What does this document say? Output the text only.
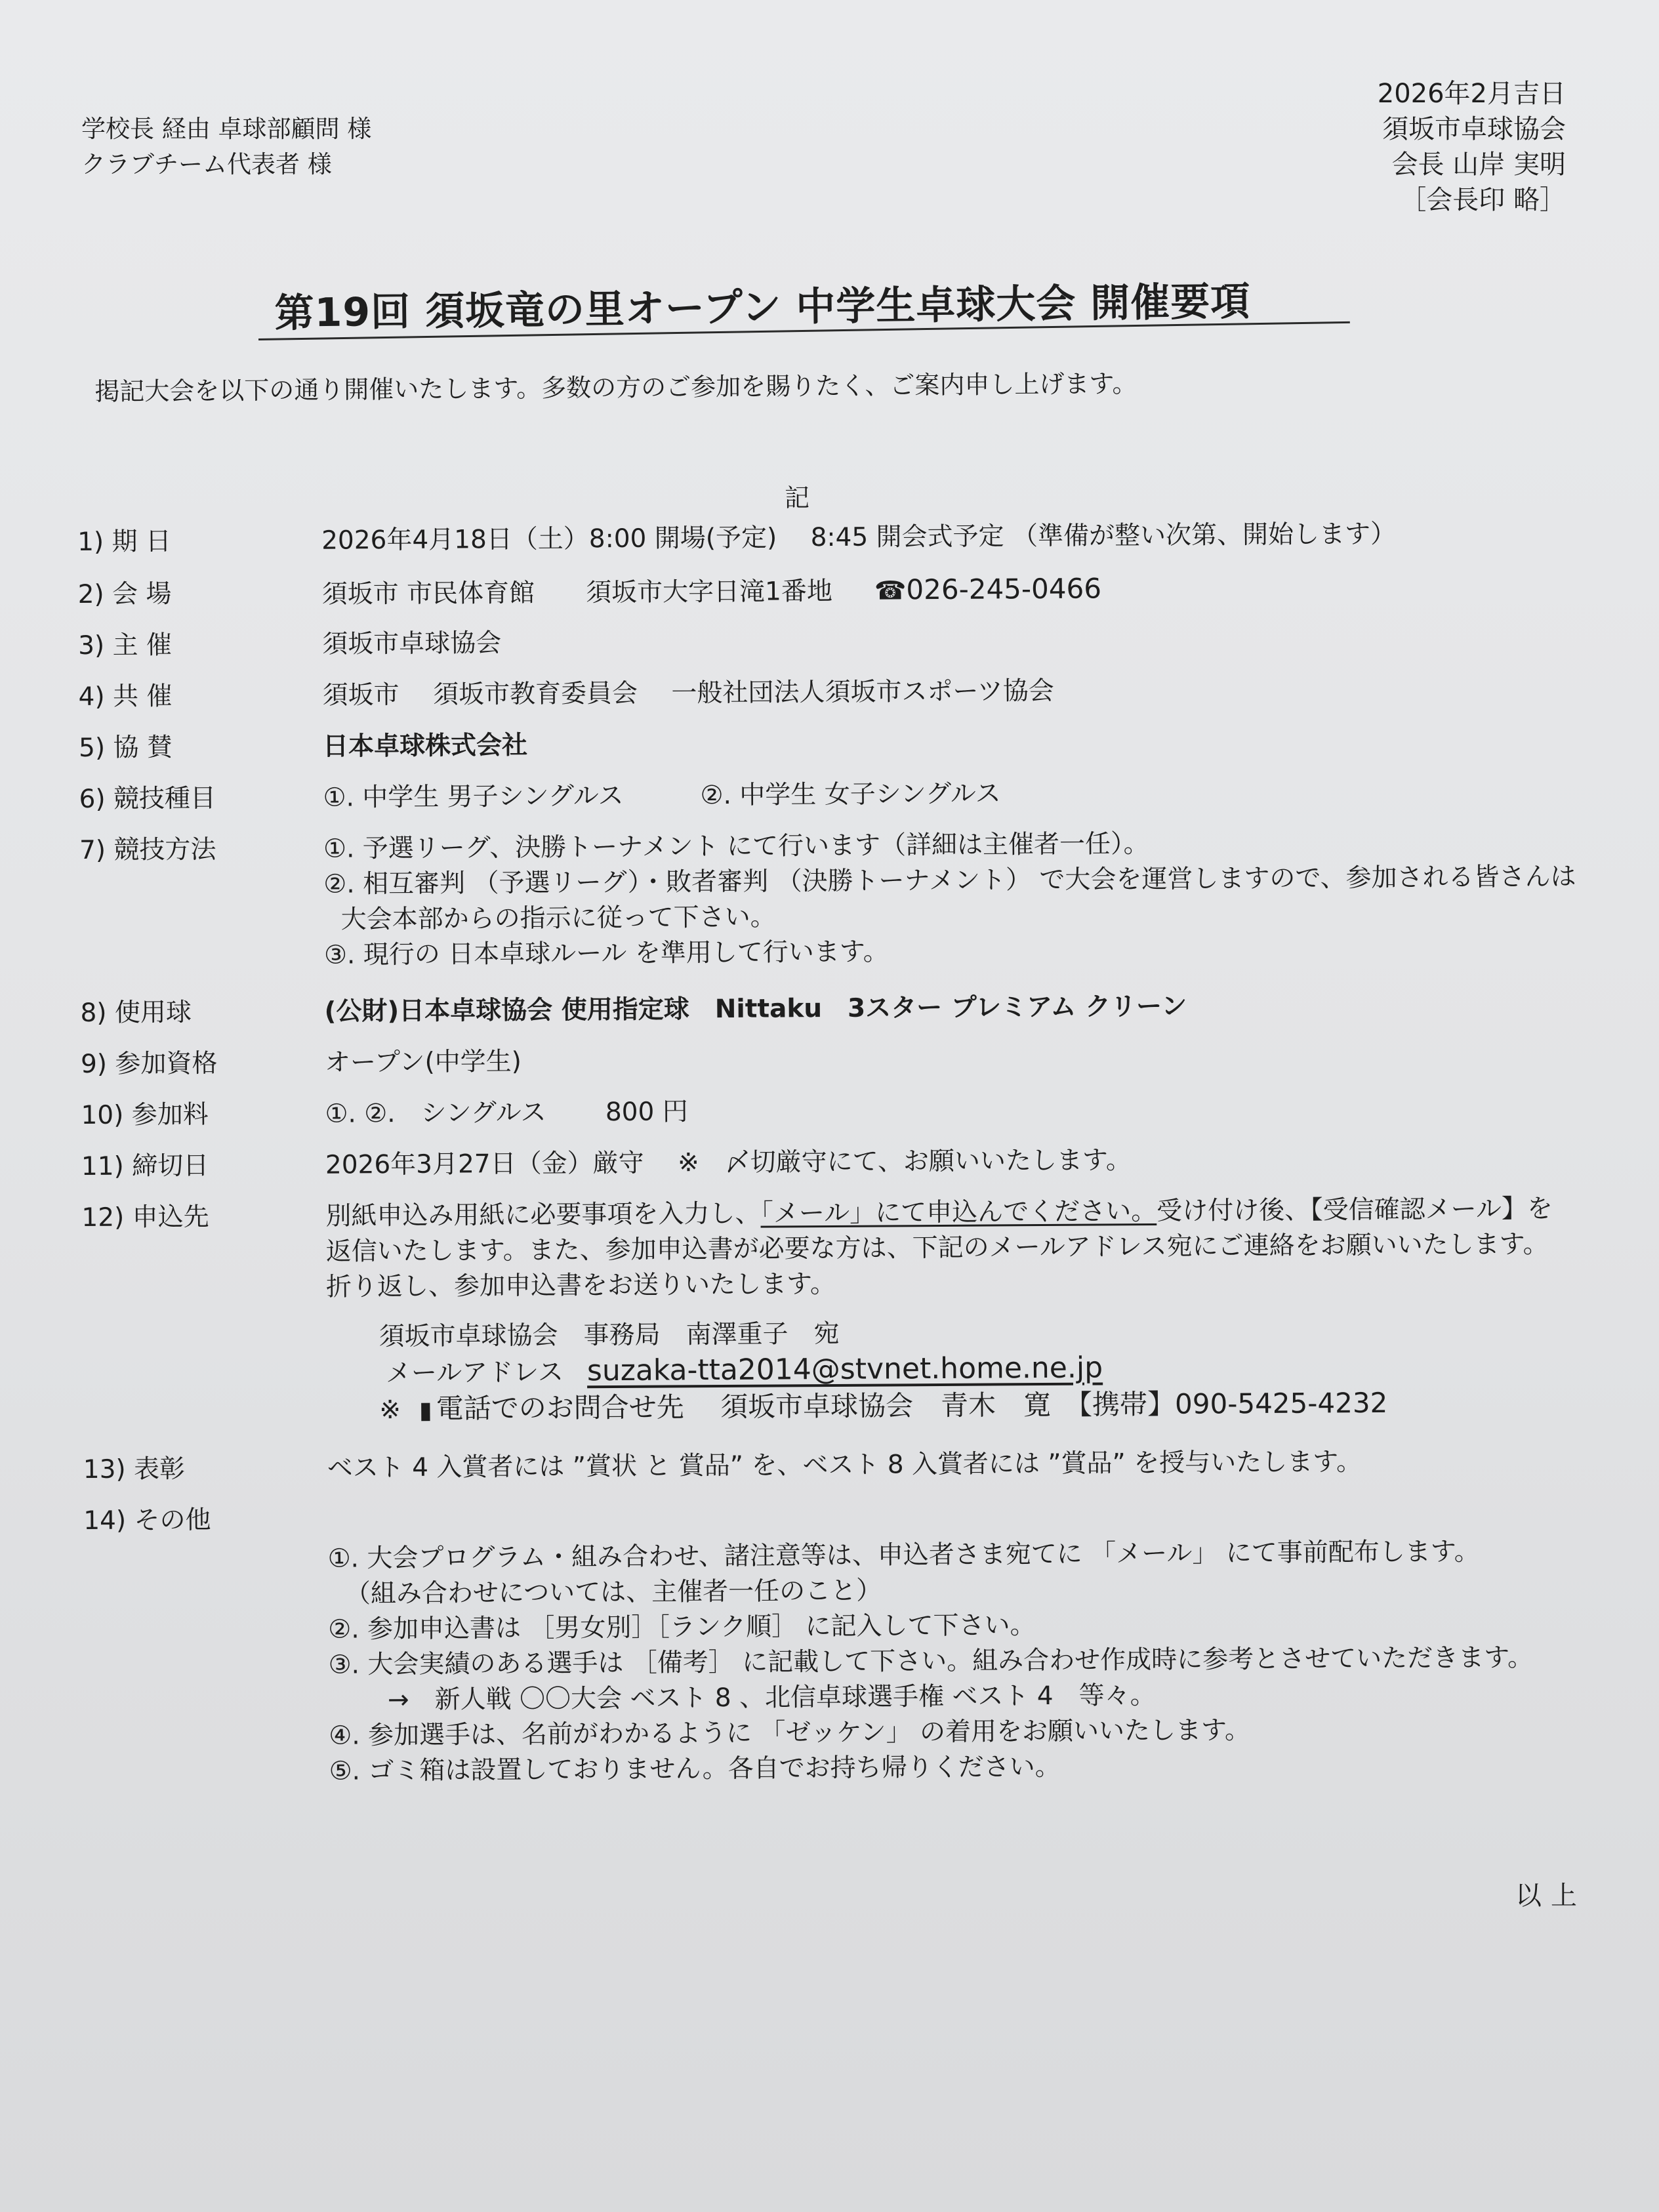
学校長 経由 卓球部顧問 様
クラブチーム代表者 様
2026年2月吉日
須坂市卓球協会
会長 山岸 実明
［会長印 略］
第19回 須坂竜の里オープン 中学生卓球大会 開催要項
掲記大会を以下の通り開催いたします。多数の方のご参加を賜りたく、ご案内申し上げます。
記
1) 期 日	2026年4月18日（土）8:00 開場(予定)　 8:45 開会式予定 （準備が整い次第、開始します）
2) 会 場	須坂市 市民体育館 須坂市大字日滝1番地 ☎026-245-0466
3) 主 催	須坂市卓球協会
4) 共 催	須坂市　 須坂市教育委員会　 一般社団法人須坂市スポーツ協会
5) 協 賛	日本卓球株式会社
6) 競技種目	①. 中学生 男子シングルス　　　②. 中学生 女子シングルス
7) 競技方法	①. 予選リーグ、決勝トーナメント にて行います（詳細は主催者一任）。
②. 相互審判 （予選リーグ）・敗者審判 （決勝トーナメント） で大会を運営しますので、参加される皆さんは
大会本部からの指示に従って下さい。
③. 現行の 日本卓球ルール を準用して行います。
8) 使用球	(公財)日本卓球協会 使用指定球　Nittaku　3スター プレミアム クリーン
9) 参加資格	オープン(中学生)
10) 参加料	①. ②.　シングルス　　 800 円
11) 締切日	2026年3月27日（金）厳守　 ※　〆切厳守にて、お願いいたします。
12) 申込先	別紙申込み用紙に必要事項を入力し、「メール」にて申込んでください。受け付け後、【受信確認メール】を
返信いたします。また、参加申込書が必要な方は、下記のメールアドレス宛にご連絡をお願いいたします。
折り返し、参加申込書をお送りいたします。
須坂市卓球協会　事務局　南澤重子　宛
メールアドレス suzaka-tta2014@stvnet.home.ne.jp
※ ▮ 電話でのお問合せ先　 須坂市卓球協会　青木　寛　【携帯】090-5425-4232
13) 表彰	ベスト 4 入賞者には ”賞状 と 賞品” を、ベスト 8 入賞者には ”賞品” を授与いたします。
14) その他
①. 大会プログラム・組み合わせ、諸注意等は、申込者さま宛てに 「メール」 にて事前配布します。
（組み合わせについては、主催者一任のこと）
②. 参加申込書は ［男女別］［ランク順］ に記入して下さい。
③. 大会実績のある選手は ［備考］ に記載して下さい。組み合わせ作成時に参考とさせていただきます。
→　新人戦 〇〇大会 ベスト 8 、北信卓球選手権 ベスト 4　等々。
④. 参加選手は、名前がわかるように 「ゼッケン」 の着用をお願いいたします。
⑤. ゴミ箱は設置しておりません。各自でお持ち帰りください。
以上
